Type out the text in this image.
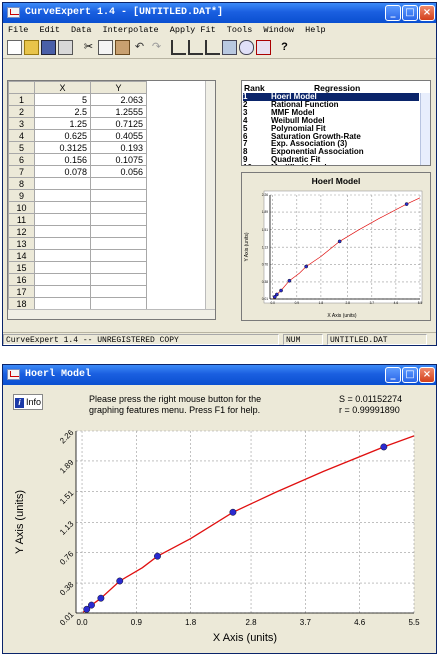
CurveExpert 1.4 - [UNTITLED.DAT*]	_ □ ×
File Edit Data Interpolate Apply Fit Tools Window Help
✂	↶ ↷	?
	X	Y
1	5	2.063
2	2.5	1.2555
3	1.25	0.7125
4	0.625	0.4055
5	0.3125	0.193
6	0.156	0.1075
7	0.078	0.056
8		
9		
10		
11		
12		
13		
14		
15		
16		
17		
18		
Rank	Regression
1	Hoerl Model
2	Rational Function
3	MMF Model
4	Weibull Model
5	Polynomial Fit
6	Saturation Growth-Rate
7	Exp. Association (3)
8	Exponential Association
9	Quadratic Fit
Hoerl Model
X Axis (units)
Y Axis (units)
0.0	0.9	1.8	2.8	3.7	4.6	5.5
0.01
0.38
0.76
1.13
1.51
1.89
2.26
CurveExpert 1.4 -- UNREGISTERED COPY	NUM	UNTITLED.DAT
Hoerl Model	_ □ ×
i Info	Please press the right mouse button for the
graphing features menu. Press F1 for help.
S = 0.01152274
r = 0.99991890
X Axis (units)
Y Axis (units)
0.0	0.9	1.8	2.8	3.7	4.6	5.5
0.01
0.38
0.76
1.13
1.51
1.89
2.26
